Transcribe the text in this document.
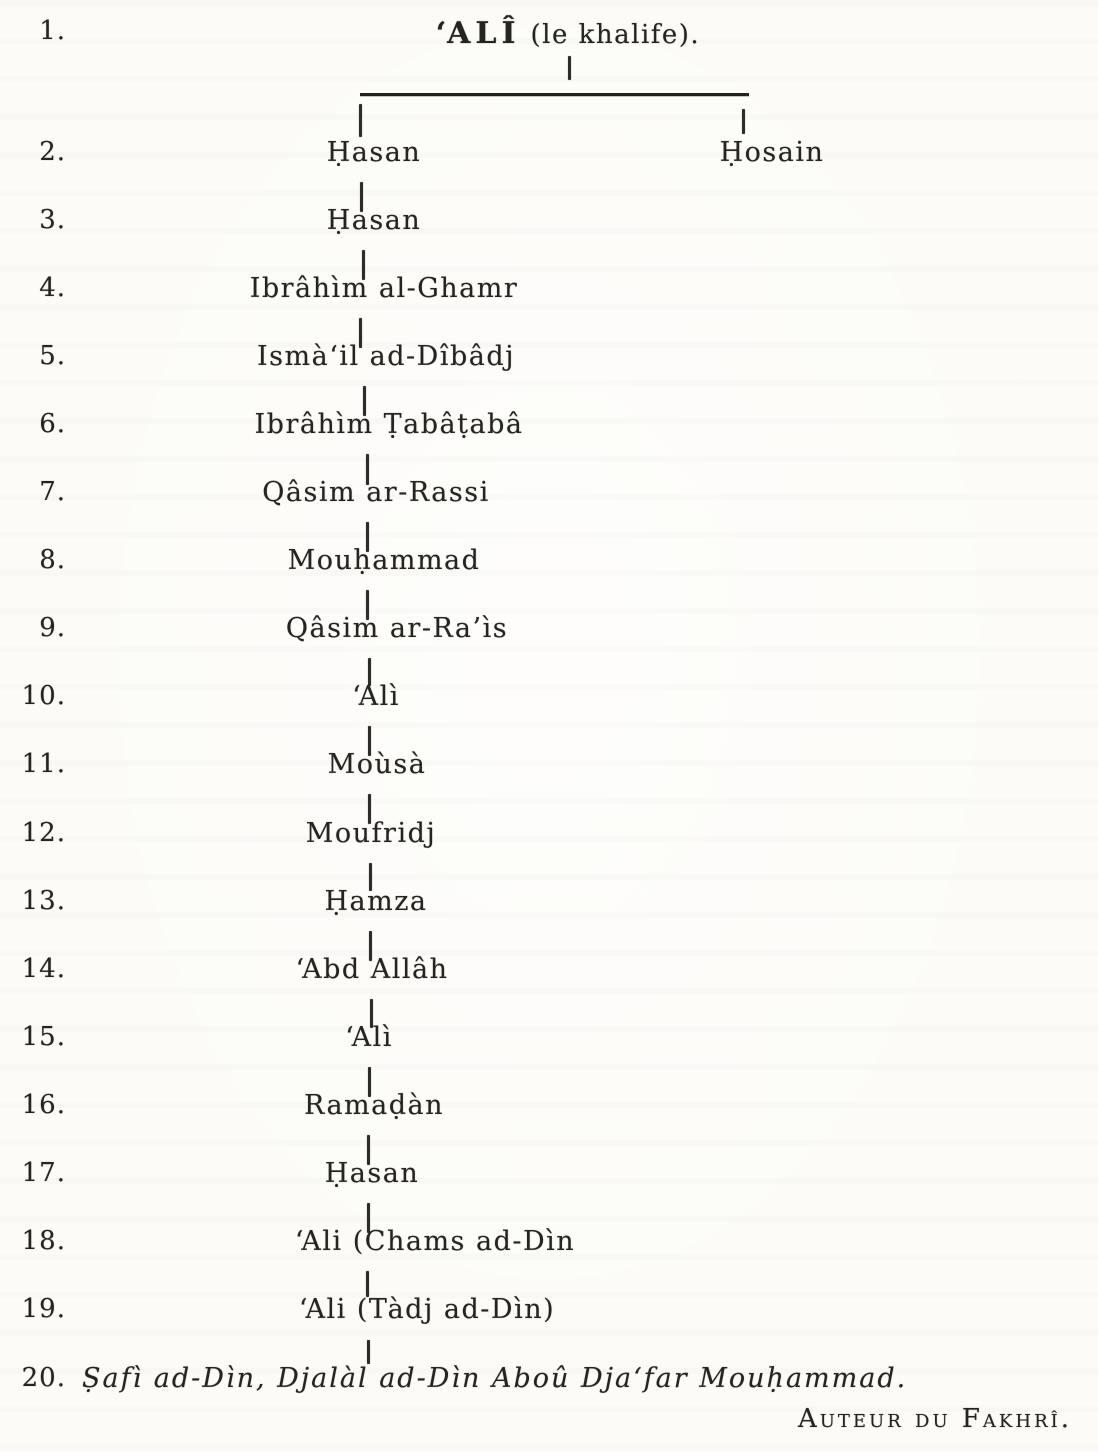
1.	‘ALÎ (le khalife).
2.	Ḥasan	Ḥosain
3.	Ḥasan
4.	Ibrâhìm al-Ghamr
5.	Ismà‘il ad-Dîbâdj
6.	Ibrâhìm Ṭabâṭabâ
7.	Qâsim ar-Rassi
8.	Mouḥammad
9.	Qâsim ar-Ra’ìs
10.	‘Alì
11.	Moùsà
12.	Moufridj
13.	Ḥamza
14.	‘Abd Allâh
15.	‘Alì
16.	Ramaḍàn
17.	Ḥasan
18.	‘Ali (Chams ad-Dìn
19.	‘Ali (Tàdj ad-Dìn)
20. Ṣafì ad-Dìn, Djalàl ad-Dìn Aboû Dja‘far Mouḥammad.
Auteur du Fakhrî.
